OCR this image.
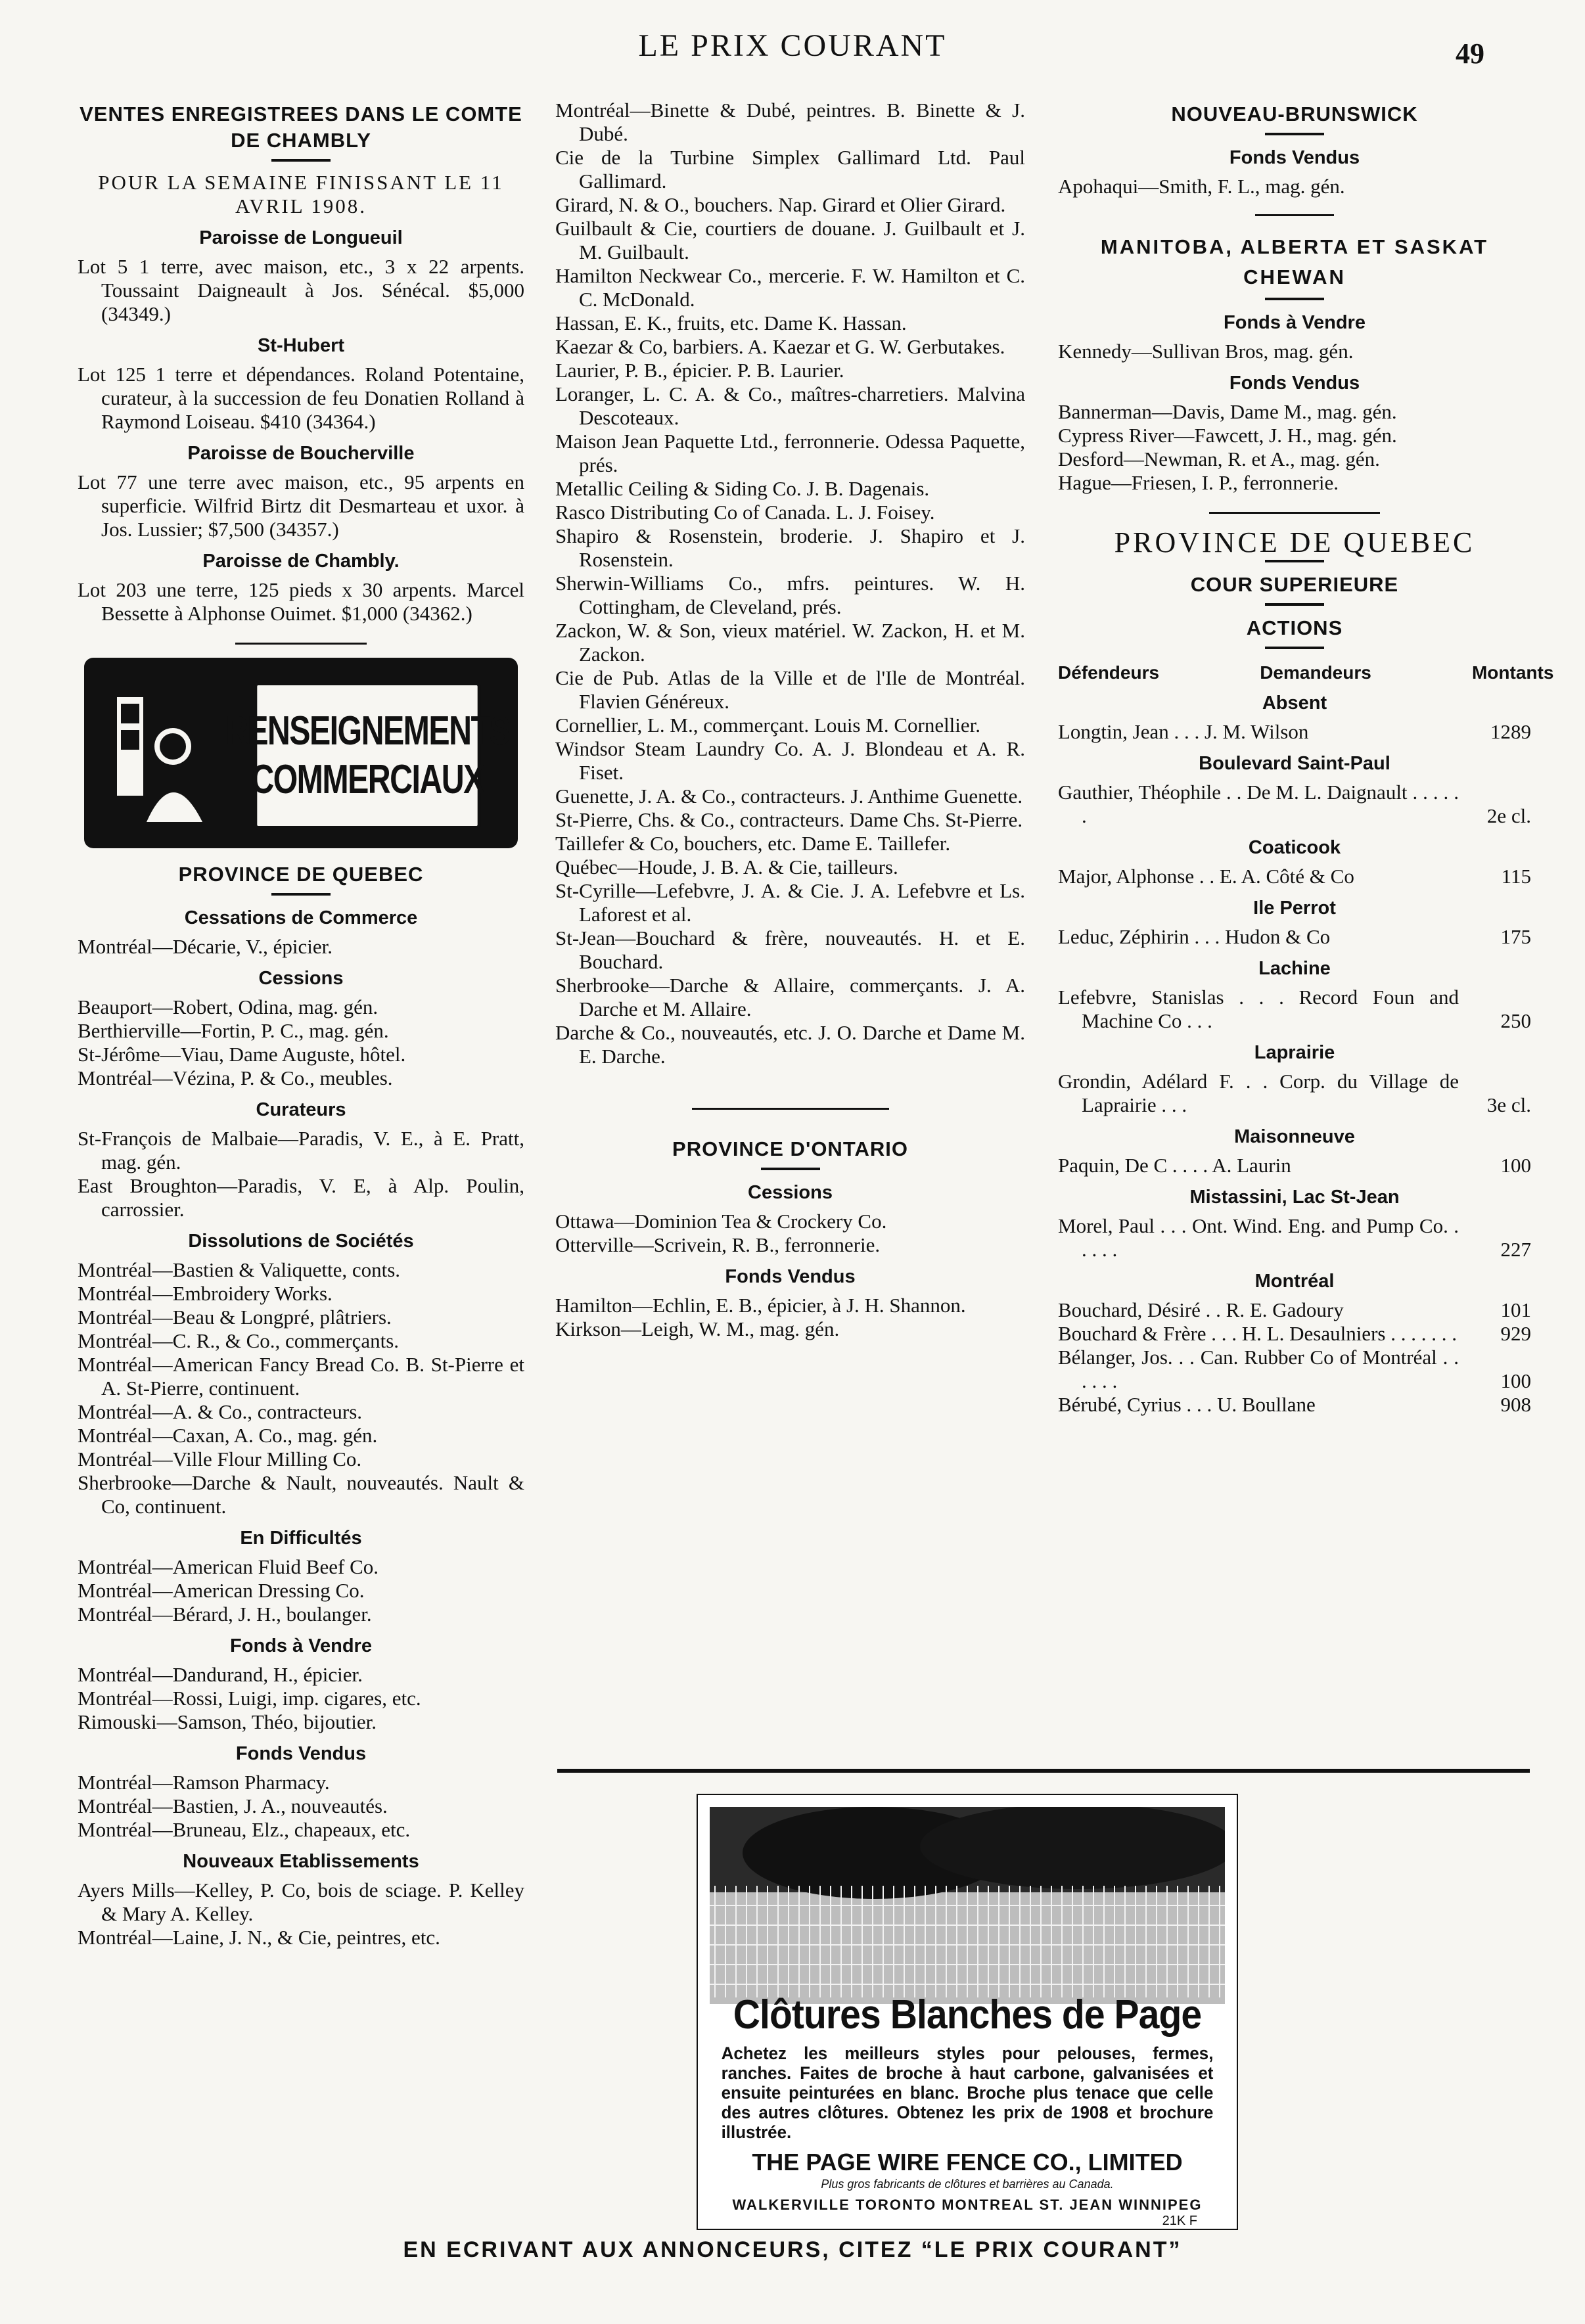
LE PRIX COURANT	49
VENTES ENREGISTREES DANS LE COMTE DE CHAMBLY
POUR LA SEMAINE FINISSANT LE 11 AVRIL 1908.
Paroisse de Longueuil

Lot 5 1 terre, avec maison, etc., 3 x 22 arpents. Toussaint Daigneault à Jos. Sénécal. $5,000 (34349.)

St-Hubert

Lot 125 1 terre et dépendances. Roland Potentaine, curateur, à la succession de feu Donatien Rolland à Raymond Loiseau. $410 (34364.)

Paroisse de Boucherville

Lot 77 une terre avec maison, etc., 95 arpents en superficie. Wilfrid Birtz dit Desmarteau et uxor. à Jos. Lussier; $7,500 (34357.)

Paroisse de Chambly.

Lot 203 une terre, 125 pieds x 30 arpents. Marcel Bessette à Alphonse Ouimet. $1,000 (34362.)

RENSEIGNEMENTS
COMMERCIAUX
PROVINCE DE QUEBEC
Cessations de Commerce

Montréal—Décarie, V., épicier.

Cessions

Beauport—Robert, Odina, mag. gén.

Berthierville—Fortin, P. C., mag. gén.

St-Jérôme—Viau, Dame Auguste, hôtel.

Montréal—Vézina, P. & Co., meubles.

Curateurs

St-François de Malbaie—Paradis, V. E., à E. Pratt, mag. gén.

East Broughton—Paradis, V. E, à Alp. Poulin, carrossier.

Dissolutions de Sociétés

Montréal—Bastien & Valiquette, conts.

Montréal—Embroidery Works.

Montréal—Beau & Longpré, plâtriers.

Montréal—C. R., & Co., commerçants.

Montréal—American Fancy Bread Co. B. St-Pierre et A. St-Pierre, continuent.

Montréal—A. & Co., contracteurs.

Montréal—Caxan, A. Co., mag. gén.

Montréal—Ville Flour Milling Co.

Sherbrooke—Darche & Nault, nouveautés. Nault & Co, continuent.

En Difficultés

Montréal—American Fluid Beef Co.

Montréal—American Dressing Co.

Montréal—Bérard, J. H., boulanger.

Fonds à Vendre

Montréal—Dandurand, H., épicier.

Montréal—Rossi, Luigi, imp. cigares, etc.

Rimouski—Samson, Théo, bijoutier.

Fonds Vendus

Montréal—Ramson Pharmacy.

Montréal—Bastien, J. A., nouveautés.

Montréal—Bruneau, Elz., chapeaux, etc.

Nouveaux Etablissements

Ayers Mills—Kelley, P. Co, bois de sciage. P. Kelley & Mary A. Kelley.

Montréal—Laine, J. N., & Cie, peintres, etc.

Montréal—Binette & Dubé, peintres. B. Binette & J. Dubé.

Cie de la Turbine Simplex Gallimard Ltd. Paul Gallimard.

Girard, N. & O., bouchers. Nap. Girard et Olier Girard.

Guilbault & Cie, courtiers de douane. J. Guilbault et J. M. Guilbault.

Hamilton Neckwear Co., mercerie. F. W. Hamilton et C. C. McDonald.

Hassan, E. K., fruits, etc. Dame K. Hassan.

Kaezar & Co, barbiers. A. Kaezar et G. W. Gerbutakes.

Laurier, P. B., épicier. P. B. Laurier.

Loranger, L. C. A. & Co., maîtres-charretiers. Malvina Descoteaux.

Maison Jean Paquette Ltd., ferronnerie. Odessa Paquette, prés.

Metallic Ceiling & Siding Co. J. B. Dagenais.

Rasco Distributing Co of Canada. L. J. Foisey.

Shapiro & Rosenstein, broderie. J. Shapiro et J. Rosenstein.

Sherwin-Williams Co., mfrs. peintures. W. H. Cottingham, de Cleveland, prés.

Zackon, W. & Son, vieux matériel. W. Zackon, H. et M. Zackon.

Cie de Pub. Atlas de la Ville et de l'Ile de Montréal. Flavien Généreux.

Cornellier, L. M., commerçant. Louis M. Cornellier.

Windsor Steam Laundry Co. A. J. Blondeau et A. R. Fiset.

Guenette, J. A. & Co., contracteurs. J. Anthime Guenette.

St-Pierre, Chs. & Co., contracteurs. Dame Chs. St-Pierre.

Taillefer & Co, bouchers, etc. Dame E. Taillefer.

Québec—Houde, J. B. A. & Cie, tailleurs.

St-Cyrille—Lefebvre, J. A. & Cie. J. A. Lefebvre et Ls. Laforest et al.

St-Jean—Bouchard & frère, nouveautés. H. et E. Bouchard.

Sherbrooke—Darche & Allaire, commerçants. J. A. Darche et M. Allaire.

Darche & Co., nouveautés, etc. J. O. Darche et Dame M. E. Darche.

PROVINCE D'ONTARIO
Cessions

Ottawa—Dominion Tea & Crockery Co.

Otterville—Scrivein, R. B., ferronnerie.

Fonds Vendus

Hamilton—Echlin, E. B., épicier, à J. H. Shannon.

Kirkson—Leigh, W. M., mag. gén.

NOUVEAU-BRUNSWICK
Fonds Vendus

Apohaqui—Smith, F. L., mag. gén.

MANITOBA, ALBERTA ET SASKAT CHEWAN
Fonds à Vendre

Kennedy—Sullivan Bros, mag. gén.

Fonds Vendus

Bannerman—Davis, Dame M., mag. gén.

Cypress River—Fawcett, J. H., mag. gén.

Desford—Newman, R. et A., mag. gén.

Hague—Friesen, I. P., ferronnerie.

PROVINCE DE QUEBEC
COUR SUPERIEURE
ACTIONS
Défendeurs	Demandeurs	Montants
Absent
Longtin, Jean . . . J. M. Wilson	1289
Boulevard Saint-Paul
Gauthier, Théophile . . De M. L. Daignault . . . . . .	2e cl.
Coaticook
Major, Alphonse . . E. A. Côté & Co	115
Ile Perrot
Leduc, Zéphirin . . . Hudon & Co	175
Lachine
Lefebvre, Stanislas . . . Record Foun and Machine Co . . .	250
Laprairie
Grondin, Adélard F. . . Corp. du Village de Laprairie . . .	3e cl.
Maisonneuve
Paquin, De C . . . . A. Laurin	100
Mistassini, Lac St-Jean
Morel, Paul . . . Ont. Wind. Eng. and Pump Co. . . . . .	227
Montréal
Bouchard, Désiré . . R. E. Gadoury	101
Bouchard & Frère . . . H. L. Desaulniers . . . . . . .	929
Bélanger, Jos. . . Can. Rubber Co of Montréal . . . . . .	100
Bérubé, Cyrius . . . U. Boullane	908
Clôtures Blanches de Page
Achetez les meilleurs styles pour pelouses, fermes, ranches. Faites de broche à haut carbone, galvanisées et ensuite peinturées en blanc. Broche plus tenace que celle des autres clôtures. Obtenez les prix de 1908 et brochure illustrée.
THE PAGE WIRE FENCE CO., LIMITED
Plus gros fabricants de clôtures et barrières au Canada.
WALKERVILLE TORONTO MONTREAL ST. JEAN WINNIPEG
21K F
EN ECRIVANT AUX ANNONCEURS, CITEZ “LE PRIX COURANT”
